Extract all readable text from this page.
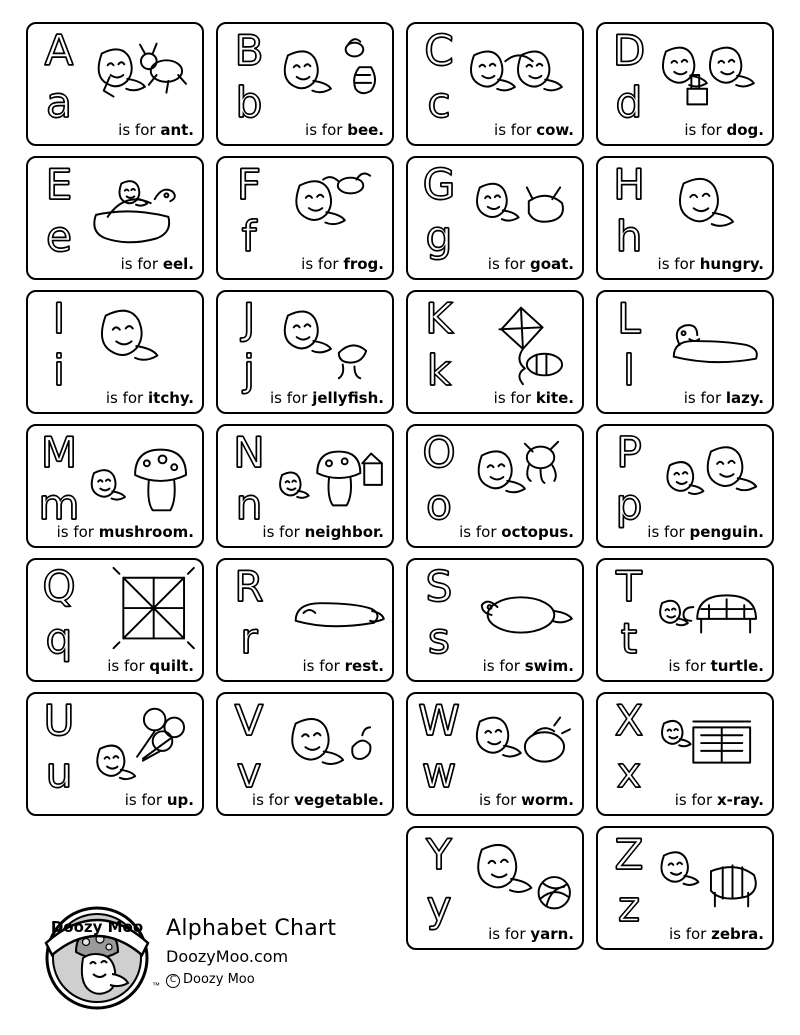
A
a
is for ant.
B
b
is for bee.
C
c
is for cow.
D
d
is for dog.
E
e
is for eel.
F
f
is for frog.
G
g
is for goat.
H
h
is for hungry.
I
i
is for itchy.
J
j
is for jellyfish.
K
k
is for kite.
L
l
is for lazy.
M
m
is for mushroom.
N
n
is for neighbor.
O
o
is for octopus.
P
p
is for penguin.
Q
q
is for quilt.
R
r
is for rest.
S
s
is for swim.
T
t
is for turtle.
U
u
is for up.
V
v
is for vegetable.
W
w
is for worm.
X
x
is for x-ray.
Y
y
is for yarn.
Z
z
is for zebra.
Doozy Moo
™
Alphabet Chart
DoozyMoo.com
C Doozy Moo
